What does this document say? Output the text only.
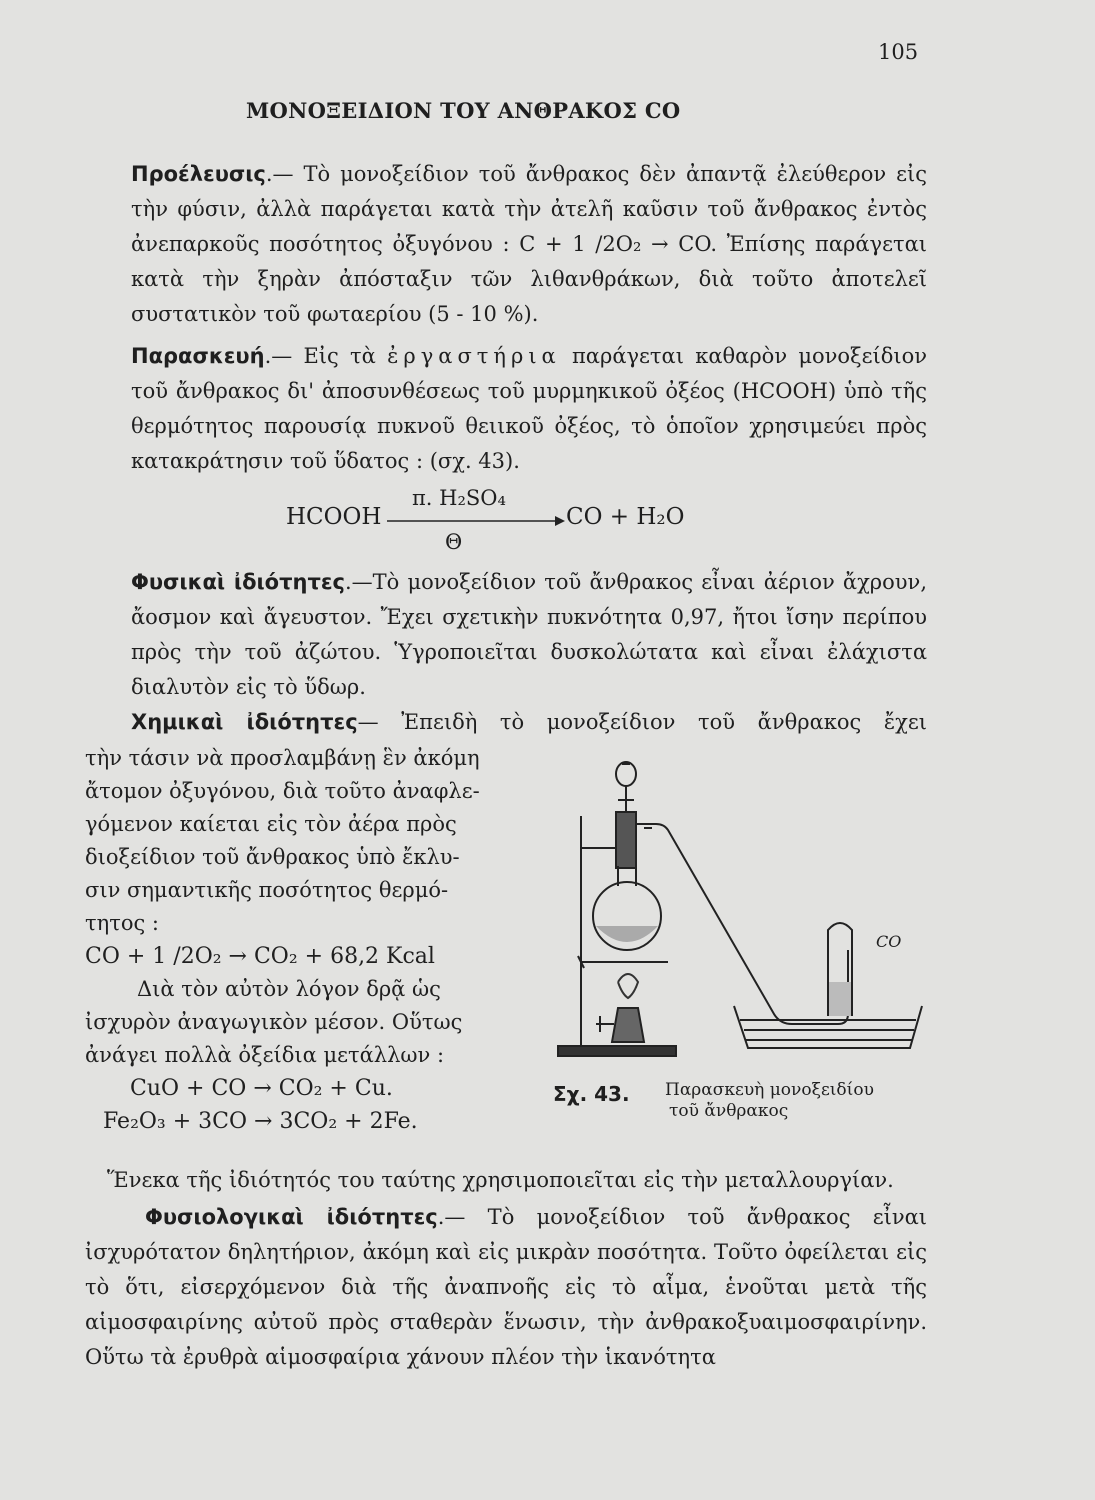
105
ΜΟΝΟΞΕΙΔΙΟΝ ΤΟΥ ΑΝΘΡΑΚΟΣ CO

Προέλευσις.— Τὸ μονοξείδιον τοῦ ἄνθρακος δὲν ἀπαντᾷ ἐλεύθερον εἰς τὴν φύσιν, ἀλλὰ παράγεται κατὰ τὴν ἀτελῆ καῦσιν τοῦ ἄνθρακος ἐντὸς ἀνεπαρκοῦς ποσότητος ὀξυγόνου : C + 1 /2O₂ → CO. Ἐπίσης παράγεται κατὰ τὴν ξηρὰν ἀπόσταξιν τῶν λιθανθράκων, διὰ τοῦτο ἀποτελεῖ συστατικὸν τοῦ φωταερίου (5 - 10 %).

Παρασκευή.— Εἰς τὰ ἐργαστήρια παράγεται καθαρὸν μονοξείδιον τοῦ ἄνθρακος δι' ἀποσυνθέσεως τοῦ μυρμηκικοῦ ὀξέος (HCOOH) ὑπὸ τῆς θερμότητος παρουσίᾳ πυκνοῦ θειικοῦ ὀξέος, τὸ ὁποῖον χρησιμεύει πρὸς κατακράτησιν τοῦ ὕδατος : (σχ. 43).

HCOOH
π. H₂SO₄
Θ
CO + H₂O

Φυσικαὶ ἰδιότητες.—Τὸ μονοξείδιον τοῦ ἄνθρακος εἶναι ἀέριον ἄχρουν, ἄοσμον καὶ ἄγευστον. Ἔχει σχετικὴν πυκνότητα 0,97, ἤτοι ἴσην περίπου πρὸς τὴν τοῦ ἀζώτου. Ὑγροποιεῖται δυσκολώτατα καὶ εἶναι ἐλάχιστα διαλυτὸν εἰς τὸ ὕδωρ.

Χημικαὶ ἰδιότητες— Ἐπειδὴ τὸ μονοξείδιον τοῦ ἄνθρακος ἔχει

τὴν τάσιν νὰ προσλαμβάνῃ ἓν ἀκόμη
ἄτομον ὀξυγόνου, διὰ τοῦτο ἀναφλε-
γόμενον καίεται εἰς τὸν ἀέρα πρὸς
διοξείδιον τοῦ ἄνθρακος ὑπὸ ἔκλυ-
σιν σημαντικῆς ποσότητος θερμό-
τητος :
CO + 1 /2O₂ → CO₂ + 68,2 Kcal
Διὰ τὸν αὐτὸν λόγον δρᾷ ὡς
ἰσχυρὸν ἀναγωγικὸν μέσον. Οὕτως
ἀνάγει πολλὰ ὀξείδια μετάλλων :
CuO + CO → CO₂ + Cu.
Fe₂O₃ + 3CO → 3CO₂ + 2Fe.
CO
Σχ. 43. Παρασκευὴ μονοξειδίου
τοῦ ἄνθρακος

Ἕνεκα τῆς ἰδιότητός του ταύτης χρησιμοποιεῖται εἰς τὴν μεταλλουργίαν.

Φυσιολογικαὶ ἰδιότητες.— Τὸ μονοξείδιον τοῦ ἄνθρακος εἶναι ἰσχυρότατον δηλητήριον, ἀκόμη καὶ εἰς μικρὰν ποσότητα. Τοῦτο ὀφείλεται εἰς τὸ ὅτι, εἰσερχόμενον διὰ τῆς ἀναπνοῆς εἰς τὸ αἷμα, ἑνοῦται μετὰ τῆς αἱμοσφαιρίνης αὐτοῦ πρὸς σταθερὰν ἕνωσιν, τὴν ἀνθρακοξυαιμοσφαιρίνην. Οὕτω τὰ ἐρυθρὰ αἱμοσφαίρια χάνουν πλέον τὴν ἱκανότητα
